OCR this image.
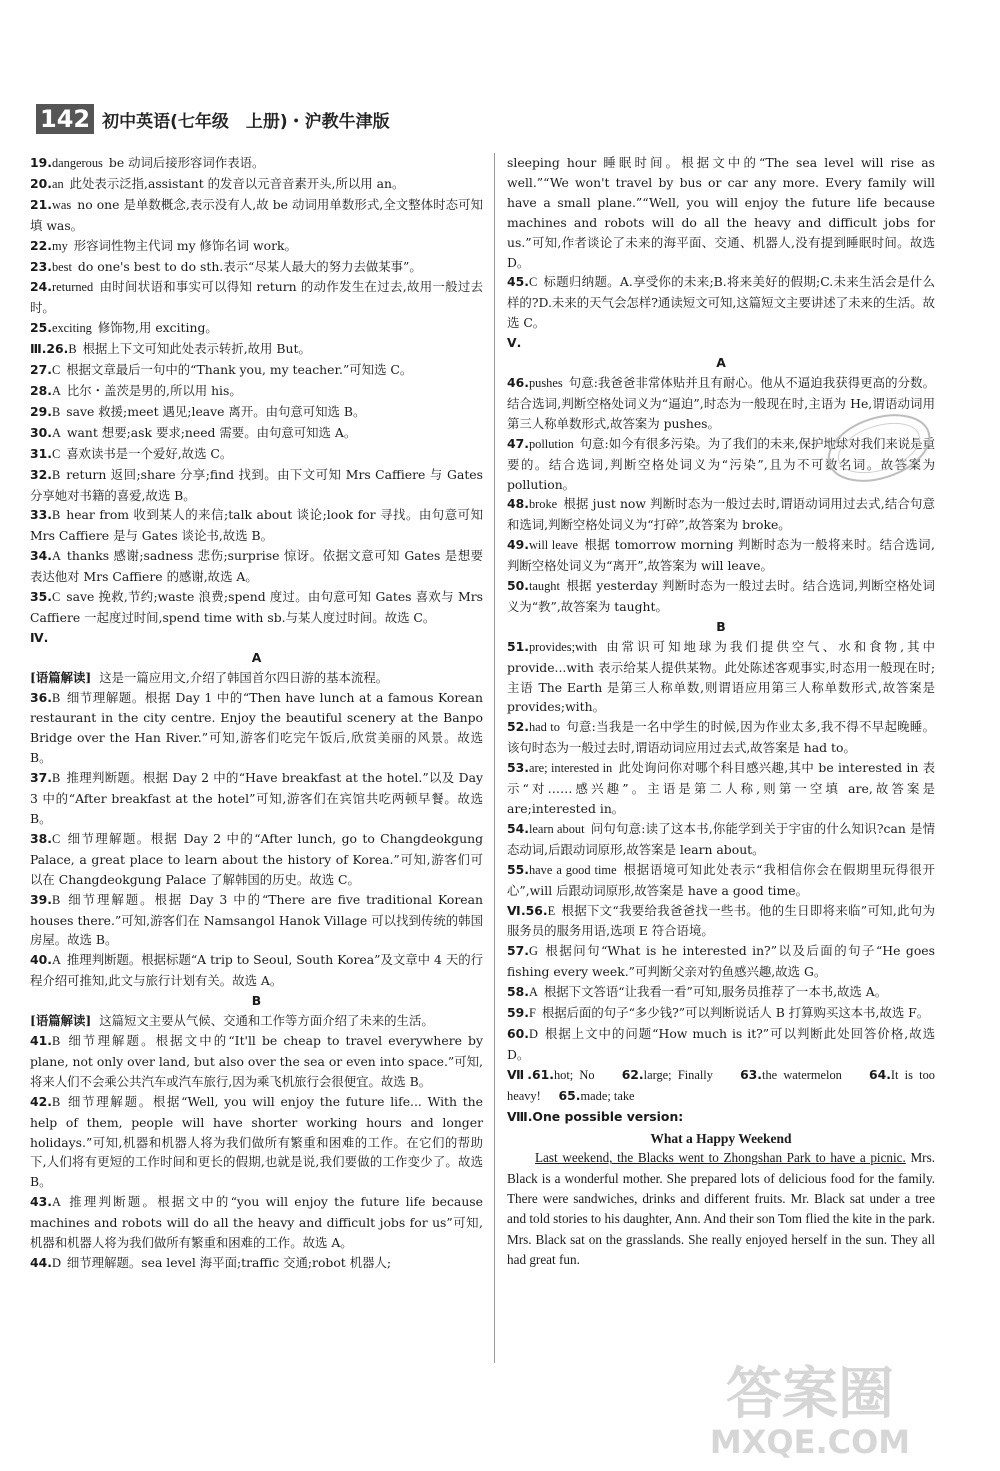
142 初中英语(七年级　上册)・沪教牛津版

19.dangerous be 动词后接形容词作表语。

20.an 此处表示泛指,assistant 的发音以元音音素开头,所以用 an。

21.was no one 是单数概念,表示没有人,故 be 动词用单数形式,全文整体时态可知填 was。

22.my 形容词性物主代词 my 修饰名词 work。

23.best do one's best to do sth.表示“尽某人最大的努力去做某事”。

24.returned 由时间状语和事实可以得知 return 的动作发生在过去,故用一般过去时。

25.exciting 修饰物,用 exciting。

Ⅲ.26.B 根据上下文可知此处表示转折,故用 But。

27.C 根据文章最后一句中的“Thank you, my teacher.”可知选 C。

28.A 比尔・盖茨是男的,所以用 his。

29.B save 救援;meet 遇见;leave 离开。由句意可知选 B。

30.A want 想要;ask 要求;need 需要。由句意可知选 A。

31.C 喜欢读书是一个爱好,故选 C。

32.B return 返回;share 分享;find 找到。由下文可知 Mrs Caffiere 与 Gates 分享她对书籍的喜爱,故选 B。

33.B hear from 收到某人的来信;talk about 谈论;look for 寻找。由句意可知 Mrs Caffiere 是与 Gates 谈论书,故选 B。

34.A thanks 感谢;sadness 悲伤;surprise 惊讶。依据文意可知 Gates 是想要表达他对 Mrs Caffiere 的感谢,故选 A。

35.C save 挽救,节约;waste 浪费;spend 度过。由句意可知 Gates 喜欢与 Mrs Caffiere 一起度过时间,spend time with sb.与某人度过时间。故选 C。

Ⅳ.

A

[语篇解读] 这是一篇应用文,介绍了韩国首尔四日游的基本流程。

36.B 细节理解题。根据 Day 1 中的“Then have lunch at a famous Korean restaurant in the city centre. Enjoy the beautiful scenery at the Banpo Bridge over the Han River.”可知,游客们吃完午饭后,欣赏美丽的风景。故选 B。

37.B 推理判断题。根据 Day 2 中的“Have breakfast at the hotel.”以及 Day 3 中的“After breakfast at the hotel”可知,游客们在宾馆共吃两顿早餐。故选 B。

38.C 细节理解题。根据 Day 2 中的“After lunch, go to Changdeokgung Palace, a great place to learn about the history of Korea.”可知,游客们可以在 Changdeokgung Palace 了解韩国的历史。故选 C。

39.B 细节理解题。根据 Day 3 中的“There are five traditional Korean houses there.”可知,游客们在 Namsangol Hanok Village 可以找到传统的韩国房屋。故选 B。

40.A 推理判断题。根据标题“A trip to Seoul, South Korea”及文章中 4 天的行程介绍可推知,此文与旅行计划有关。故选 A。

B

[语篇解读] 这篇短文主要从气候、交通和工作等方面介绍了未来的生活。

41.B 细节理解题。根据文中的“It'll be cheap to travel everywhere by plane, not only over land, but also over the sea or even into space.”可知,将来人们不会乘公共汽车或汽车旅行,因为乘飞机旅行会很便宜。故选 B。

42.B 细节理解题。根据“Well, you will enjoy the future life... With the help of them, people will have shorter working hours and longer holidays.”可知,机器和机器人将为我们做所有繁重和困难的工作。在它们的帮助下,人们将有更短的工作时间和更长的假期,也就是说,我们要做的工作变少了。故选 B。

43.A 推理判断题。根据文中的“you will enjoy the future life because machines and robots will do all the heavy and difficult jobs for us”可知,机器和机器人将为我们做所有繁重和困难的工作。故选 A。

44.D 细节理解题。sea level 海平面;traffic 交通;robot 机器人;

sleeping hour 睡眠时间。根据文中的“The sea level will rise as well.”“We won't travel by bus or car any more. Every family will have a small plane.”“Well, you will enjoy the future life because machines and robots will do all the heavy and difficult jobs for us.”可知,作者谈论了未来的海平面、交通、机器人,没有提到睡眠时间。故选 D。

45.C 标题归纳题。A.享受你的未来;B.将来美好的假期;C.未来生活会是什么样的?D.未来的天气会怎样?通读短文可知,这篇短文主要讲述了未来的生活。故选 C。

Ⅴ.

A

46.pushes 句意:我爸爸非常体贴并且有耐心。他从不逼迫我获得更高的分数。结合选词,判断空格处词义为“逼迫”,时态为一般现在时,主语为 He,谓语动词用第三人称单数形式,故答案为 pushes。

47.pollution 句意:如今有很多污染。为了我们的未来,保护地球对我们来说是重要的。结合选词,判断空格处词义为“污染”,且为不可数名词。故答案为 pollution。

48.broke 根据 just now 判断时态为一般过去时,谓语动词用过去式,结合句意和选词,判断空格处词义为“打碎”,故答案为 broke。

49.will leave 根据 tomorrow morning 判断时态为一般将来时。结合选词,判断空格处词义为“离开”,故答案为 will leave。

50.taught 根据 yesterday 判断时态为一般过去时。结合选词,判断空格处词义为“教”,故答案为 taught。

B

51.provides;with 由常识可知地球为我们提供空气、水和食物,其中 provide...with 表示给某人提供某物。此处陈述客观事实,时态用一般现在时;主语 The Earth 是第三人称单数,则谓语应用第三人称单数形式,故答案是 provides;with。

52.had to 句意:当我是一名中学生的时候,因为作业太多,我不得不早起晚睡。该句时态为一般过去时,谓语动词应用过去式,故答案是 had to。

53.are; interested in 此处询问你对哪个科目感兴趣,其中 be interested in 表示“对……感兴趣”。主语是第二人称,则第一空填 are,故答案是 are;interested in。

54.learn about 问句句意:读了这本书,你能学到关于宇宙的什么知识?can 是情态动词,后跟动词原形,故答案是 learn about。

55.have a good time 根据语境可知此处表示“我相信你会在假期里玩得很开心”,will 后跟动词原形,故答案是 have a good time。

Ⅵ.56.E 根据下文“我要给我爸爸找一些书。他的生日即将来临”可知,此句为服务员的服务用语,选项 E 符合语境。

57.G 根据问句“What is he interested in?”以及后面的句子“He goes fishing every week.”可判断父亲对钓鱼感兴趣,故选 G。

58.A 根据下文答语“让我看一看”可知,服务员推荐了一本书,故选 A。

59.F 根据后面的句子“多少钱?”可以判断说话人 B 打算购买这本书,故选 F。

60.D 根据上文中的问题“How much is it?”可以判断此处回答价格,故选 D。

Ⅶ.61.hot; No 62.large; Finally 63.the watermelon 64.It is too heavy! 65.made; take

Ⅷ.One possible version:

What a Happy Weekend

Last weekend, the Blacks went to Zhongshan Park to have a picnic. Mrs. Black is a wonderful mother. She prepared lots of delicious food for the family. There were sandwiches, drinks and different fruits. Mr. Black sat under a tree and told stories to his daughter, Ann. And their son Tom flied the kite in the park. Mrs. Black sat on the grasslands. She really enjoyed herself in the sun. They all had great fun.

答案圈
MXQE.COM
